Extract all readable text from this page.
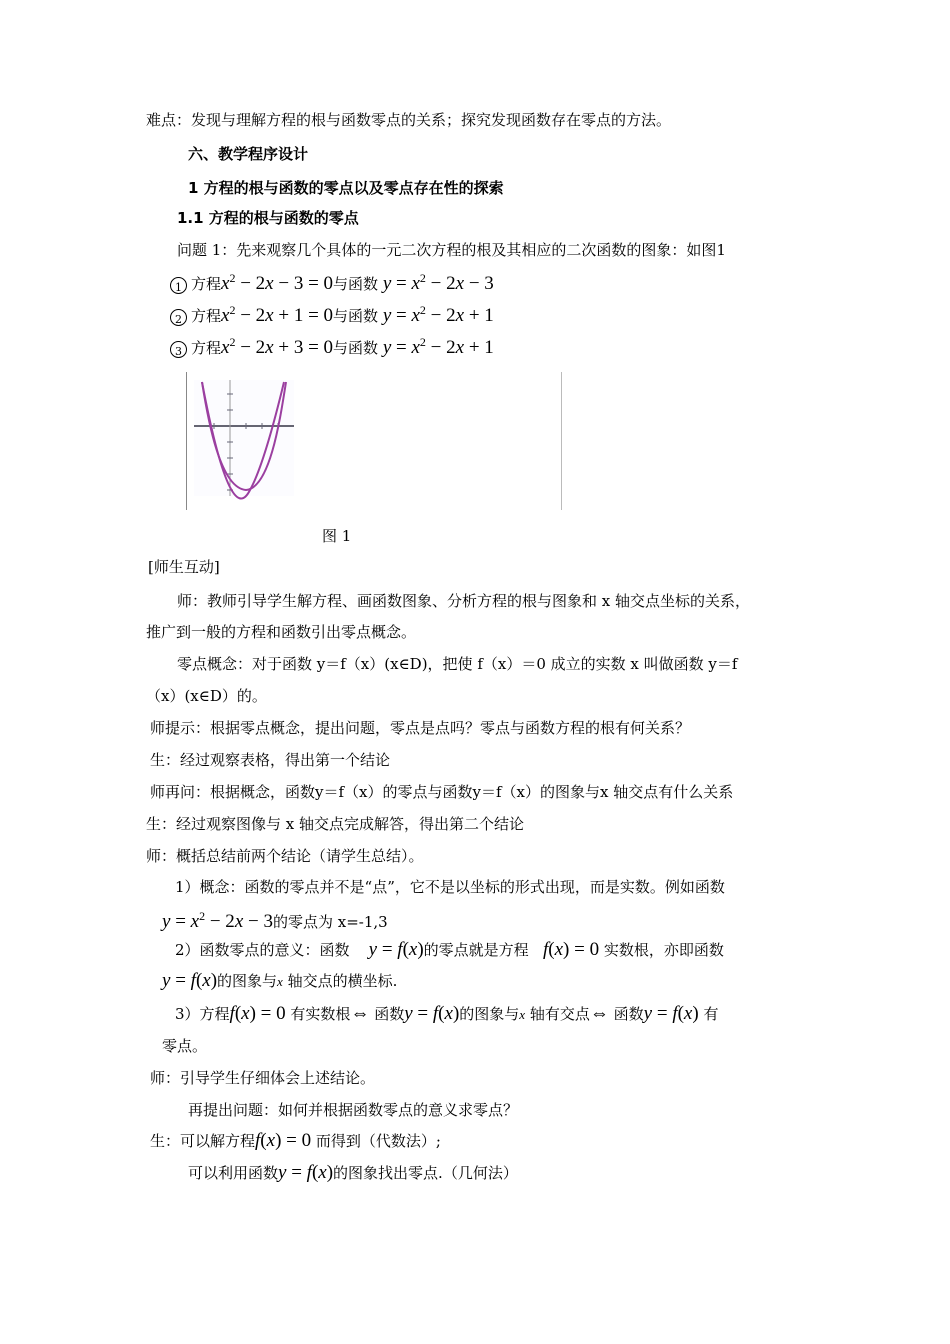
难点：发现与理解方程的根与函数零点的关系；探究发现函数存在零点的方法。
六、教学程序设计
1 方程的根与函数的零点以及零点存在性的探索
1.1 方程的根与函数的零点
问题 1：先来观察几个具体的一元二次方程的根及其相应的二次函数的图象：如图1
1 方程$x^2 - 2x - 3 = 0$与函数 $y = x^2 - 2x - 3$
2 方程$x^2 - 2x + 1 = 0$与函数 $y = x^2 - 2x + 1$
3 方程$x^2 - 2x + 3 = 0$与函数 $y = x^2 - 2x + 1$
图 1
[师生互动]
师：教师引导学生解方程、画函数图象、分析方程的根与图象和 x 轴交点坐标的关系，
推广到一般的方程和函数引出零点概念。
零点概念：对于函数 y＝f（x）(x∈D)，把使 f（x）＝0 成立的实数 x 叫做函数 y＝f
（x）(x∈D）的。
师提示：根据零点概念，提出问题，零点是点吗？零点与函数方程的根有何关系？
生：经过观察表格，得出第一个结论
师再问：根据概念，函数y＝f（x）的零点与函数y＝f（x）的图象与x 轴交点有什么关系
生：经过观察图像与 x 轴交点完成解答，得出第二个结论
师：概括总结前两个结论（请学生总结）。
1）概念：函数的零点并不是“点”，它不是以坐标的形式出现，而是实数。例如函数
$y = x^2 - 2x - 3$的零点为 x=-1,3
2）函数零点的意义：函数 y = f(x)的零点就是方程 f(x) = 0 实数根，亦即函数
y = f(x)的图象与x 轴交点的横坐标.
3）方程f(x) = 0 有实数根⇔ 函数y = f(x)的图象与x 轴有交点⇔ 函数y = f(x) 有
零点。
师：引导学生仔细体会上述结论。
再提出问题：如何并根据函数零点的意义求零点？
生：可以解方程f(x) = 0 而得到（代数法）;
可以利用函数y = f(x)的图象找出零点.（几何法）
